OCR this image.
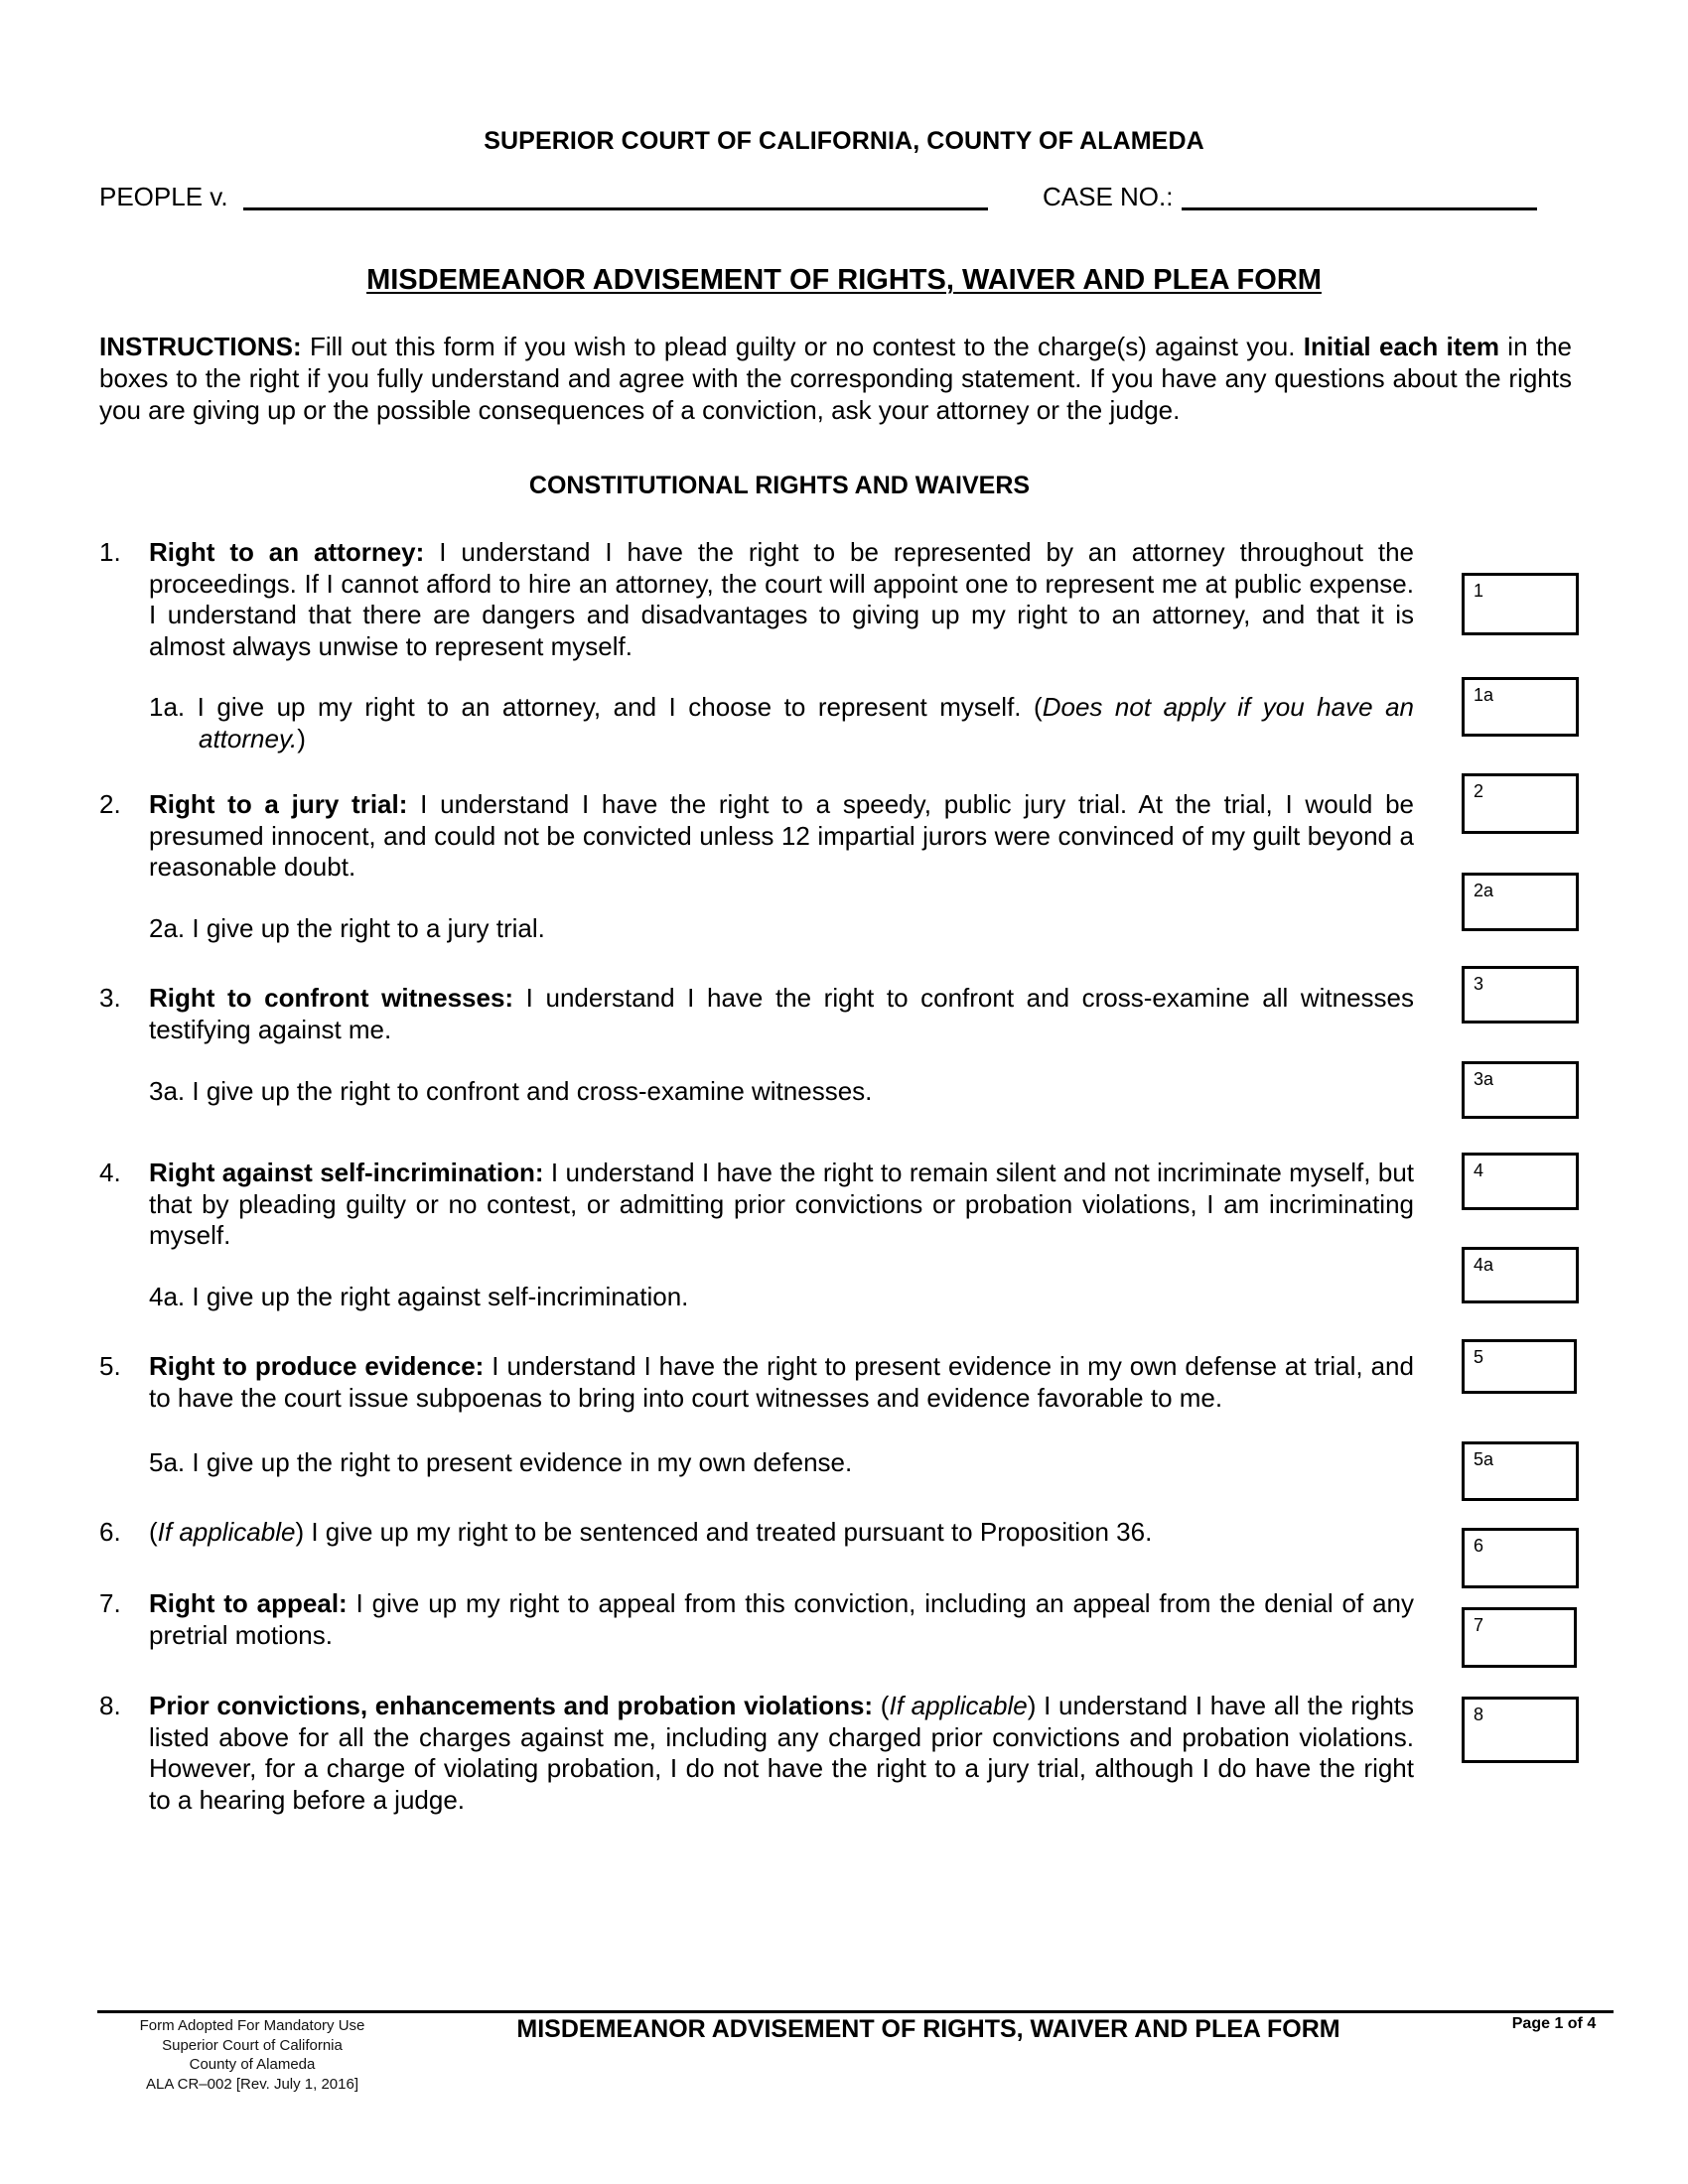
SUPERIOR COURT OF CALIFORNIA, COUNTY OF ALAMEDA
PEOPLE v.	CASE NO.:
MISDEMEANOR ADVISEMENT OF RIGHTS, WAIVER AND PLEA FORM
INSTRUCTIONS: Fill out this form if you wish to plead guilty or no contest to the charge(s) against you. Initial each item in the boxes to the right if you fully understand and agree with the corresponding statement. If you have any questions about the rights you are giving up or the possible consequences of a conviction, ask your attorney or the judge.
CONSTITUTIONAL RIGHTS AND WAIVERS
1. Right to an attorney: I understand I have the right to be represented by an attorney throughout the proceedings. If I cannot afford to hire an attorney, the court will appoint one to represent me at public expense. I understand that there are dangers and disadvantages to giving up my right to an attorney, and that it is almost always unwise to represent myself.
1a. I give up my right to an attorney, and I choose to represent myself. (Does not apply if you have an attorney.)
2. Right to a jury trial: I understand I have the right to a speedy, public jury trial. At the trial, I would be presumed innocent, and could not be convicted unless 12 impartial jurors were convinced of my guilt beyond a reasonable doubt.
2a. I give up the right to a jury trial.
3. Right to confront witnesses: I understand I have the right to confront and cross-examine all witnesses testifying against me.
3a. I give up the right to confront and cross-examine witnesses.
4. Right against self-incrimination: I understand I have the right to remain silent and not incriminate myself, but that by pleading guilty or no contest, or admitting prior convictions or probation violations, I am incriminating myself.
4a. I give up the right against self-incrimination.
5. Right to produce evidence: I understand I have the right to present evidence in my own defense at trial, and to have the court issue subpoenas to bring into court witnesses and evidence favorable to me.
5a. I give up the right to present evidence in my own defense.
6. (If applicable) I give up my right to be sentenced and treated pursuant to Proposition 36.
7. Right to appeal: I give up my right to appeal from this conviction, including an appeal from the denial of any pretrial motions.
8. Prior convictions, enhancements and probation violations: (If applicable) I understand I have all the rights listed above for all the charges against me, including any charged prior convictions and probation violations. However, for a charge of violating probation, I do not have the right to a jury trial, although I do have the right to a hearing before a judge.
1
1a
2
2a
3
3a
4
4a
5
5a
6
7
8
Form Adopted For Mandatory Use
Superior Court of California
County of Alameda
ALA CR–002 [Rev. July 1, 2016]
MISDEMEANOR ADVISEMENT OF RIGHTS, WAIVER AND PLEA FORM	Page 1 of 4
